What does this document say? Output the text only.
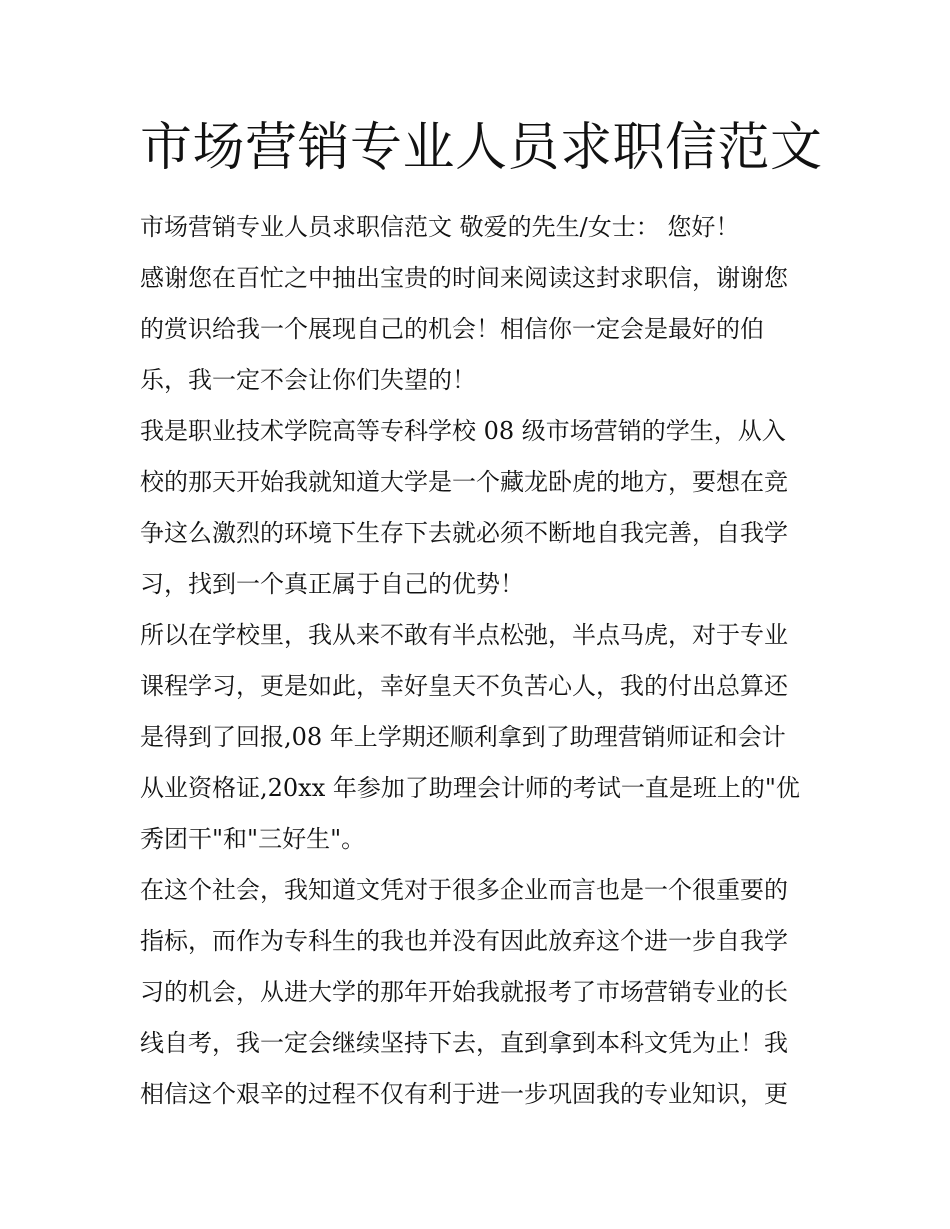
市场营销专业人员求职信范文
市场营销专业人员求职信范文 敬爱的先生/女士： 您好！
感谢您在百忙之中抽出宝贵的时间来阅读这封求职信，谢谢您
的赏识给我一个展现自己的机会！相信你一定会是最好的伯
乐，我一定不会让你们失望的！
我是职业技术学院高等专科学校 08 级市场营销的学生，从入
校的那天开始我就知道大学是一个藏龙卧虎的地方，要想在竞
争这么激烈的环境下生存下去就必须不断地自我完善，自我学
习，找到一个真正属于自己的优势！
所以在学校里，我从来不敢有半点松弛，半点马虎，对于专业
课程学习，更是如此，幸好皇天不负苦心人，我的付出总算还
是得到了回报,08 年上学期还顺利拿到了助理营销师证和会计
从业资格证,20xx 年参加了助理会计师的考试一直是班上的"优
秀团干"和"三好生"。
在这个社会，我知道文凭对于很多企业而言也是一个很重要的
指标，而作为专科生的我也并没有因此放弃这个进一步自我学
习的机会，从进大学的那年开始我就报考了市场营销专业的长
线自考，我一定会继续坚持下去，直到拿到本科文凭为止！我
相信这个艰辛的过程不仅有利于进一步巩固我的专业知识，更
